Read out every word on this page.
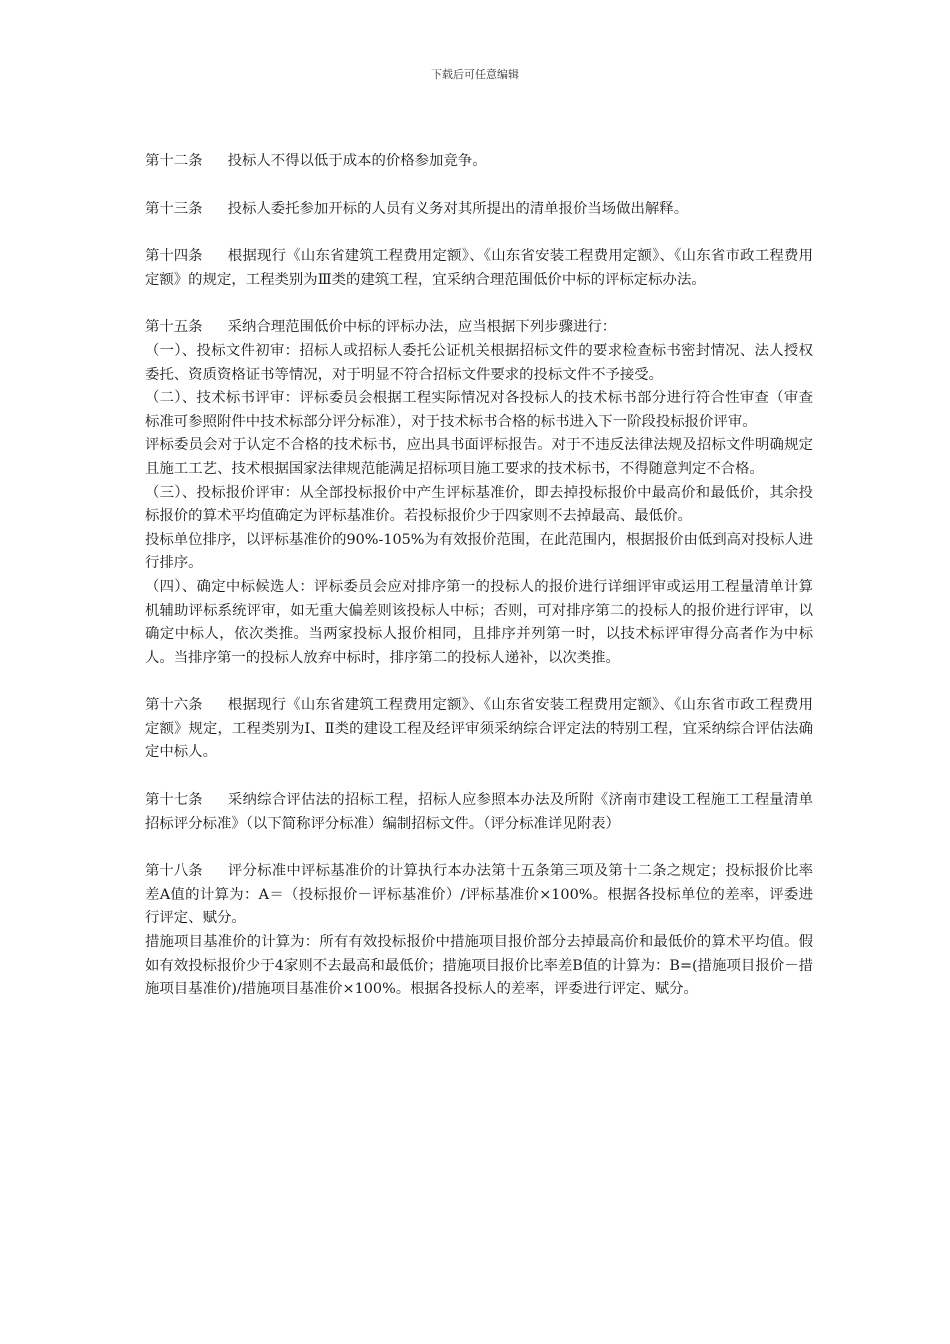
下载后可任意编辑

第十二条 投标人不得以低于成本的价格参加竞争。

第十三条 投标人委托参加开标的人员有义务对其所提出的清单报价当场做出解释。

第十四条 根据现行《山东省建筑工程费用定额》、《山东省安装工程费用定额》、《山东省市政工程费用定额》的规定，工程类别为Ⅲ类的建筑工程，宜采纳合理范围低价中标的评标定标办法。

第十五条 采纳合理范围低价中标的评标办法，应当根据下列步骤进行：

（一）、投标文件初审：招标人或招标人委托公证机关根据招标文件的要求检查标书密封情况、法人授权委托、资质资格证书等情况，对于明显不符合招标文件要求的投标文件不予接受。

（二）、技术标书评审：评标委员会根据工程实际情况对各投标人的技术标书部分进行符合性审查（审查标准可参照附件中技术标部分评分标准），对于技术标书合格的标书进入下一阶段投标报价评审。

评标委员会对于认定不合格的技术标书，应出具书面评标报告。对于不违反法律法规及招标文件明确规定且施工工艺、技术根据国家法律规范能满足招标项目施工要求的技术标书，不得随意判定不合格。

（三）、投标报价评审：从全部投标报价中产生评标基准价，即去掉投标报价中最高价和最低价，其余投标报价的算术平均值确定为评标基准价。若投标报价少于四家则不去掉最高、最低价。

投标单位排序，以评标基准价的90%-105%为有效报价范围，在此范围内，根据报价由低到高对投标人进行排序。

（四）、确定中标候选人：评标委员会应对排序第一的投标人的报价进行详细评审或运用工程量清单计算机辅助评标系统评审，如无重大偏差则该投标人中标；否则，可对排序第二的投标人的报价进行评审，以确定中标人，依次类推。当两家投标人报价相同，且排序并列第一时，以技术标评审得分高者作为中标人。当排序第一的投标人放弃中标时，排序第二的投标人递补，以次类推。

第十六条 根据现行《山东省建筑工程费用定额》、《山东省安装工程费用定额》、《山东省市政工程费用定额》规定，工程类别为Ⅰ、Ⅱ类的建设工程及经评审须采纳综合评定法的特别工程，宜采纳综合评估法确定中标人。

第十七条 采纳综合评估法的招标工程，招标人应参照本办法及所附《济南市建设工程施工工程量清单招标评分标准》（以下简称评分标准）编制招标文件。（评分标准详见附表）

第十八条 评分标准中评标基准价的计算执行本办法第十五条第三项及第十二条之规定；投标报价比率差A值的计算为：A＝（投标报价－评标基准价）/评标基准价×100%。根据各投标单位的差率，评委进行评定、赋分。

措施项目基准价的计算为：所有有效投标报价中措施项目报价部分去掉最高价和最低价的算术平均值。假如有效投标报价少于4家则不去最高和最低价；措施项目报价比率差B值的计算为：B=(措施项目报价－措施项目基准价)/措施项目基准价×100%。根据各投标人的差率，评委进行评定、赋分。
